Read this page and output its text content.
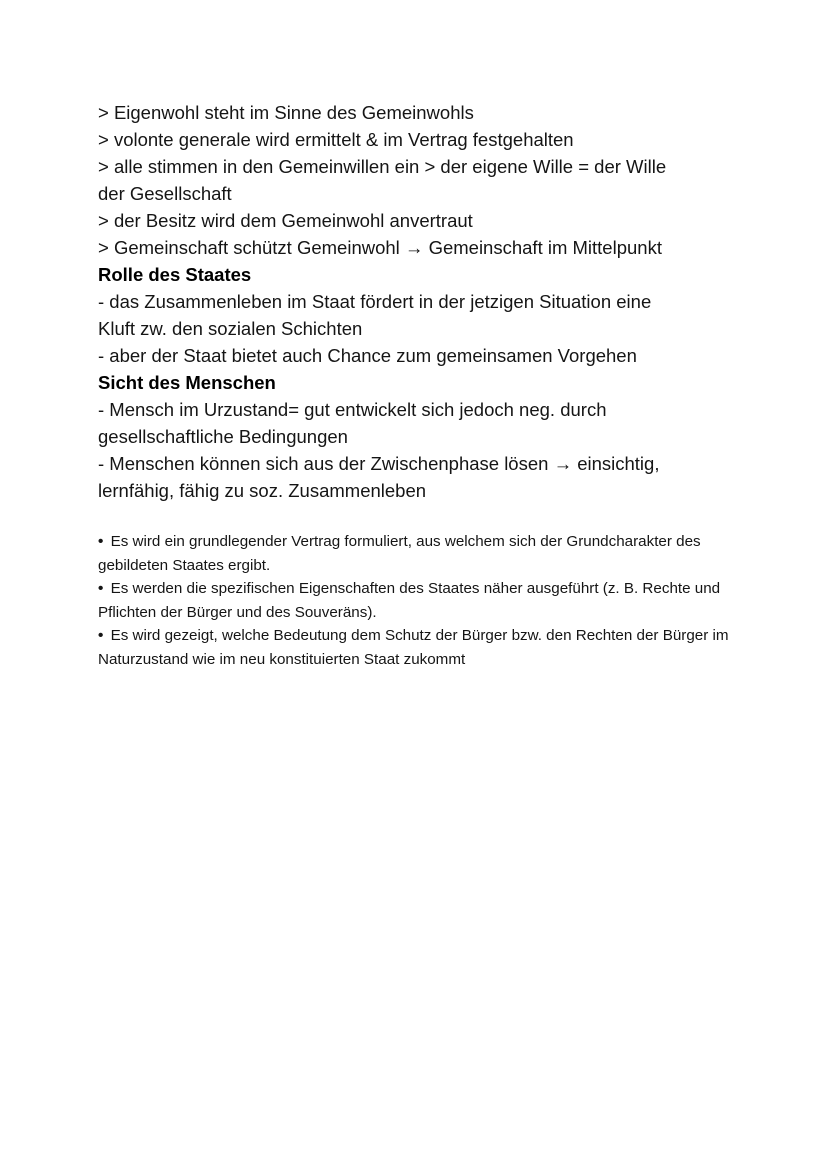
> Eigenwohl steht im Sinne des Gemeinwohls
> volonte generale wird ermittelt & im Vertrag festgehalten
> alle stimmen in den Gemeinwillen ein > der eigene Wille = der Wille
der Gesellschaft
> der Besitz wird dem Gemeinwohl anvertraut
> Gemeinschaft schützt Gemeinwohl → Gemeinschaft im Mittelpunkt
Rolle des Staates
- das Zusammenleben im Staat fördert in der jetzigen Situation eine
Kluft zw. den sozialen Schichten
- aber der Staat bietet auch Chance zum gemeinsamen Vorgehen
Sicht des Menschen
- Mensch im Urzustand= gut entwickelt sich jedoch neg. durch
gesellschaftliche Bedingungen
- Menschen können sich aus der Zwischenphase lösen → einsichtig,
lernfähig, fähig zu soz. Zusammenleben
• Es wird ein grundlegender Vertrag formuliert, aus welchem sich der Grundcharakter des gebildeten Staates ergibt.
• Es werden die spezifischen Eigenschaften des Staates näher ausgeführt (z. B. Rechte und Pflichten der Bürger und des Souveräns).
• Es wird gezeigt, welche Bedeutung dem Schutz der Bürger bzw. den Rechten der Bürger im Naturzustand wie im neu konstituierten Staat zukommt
